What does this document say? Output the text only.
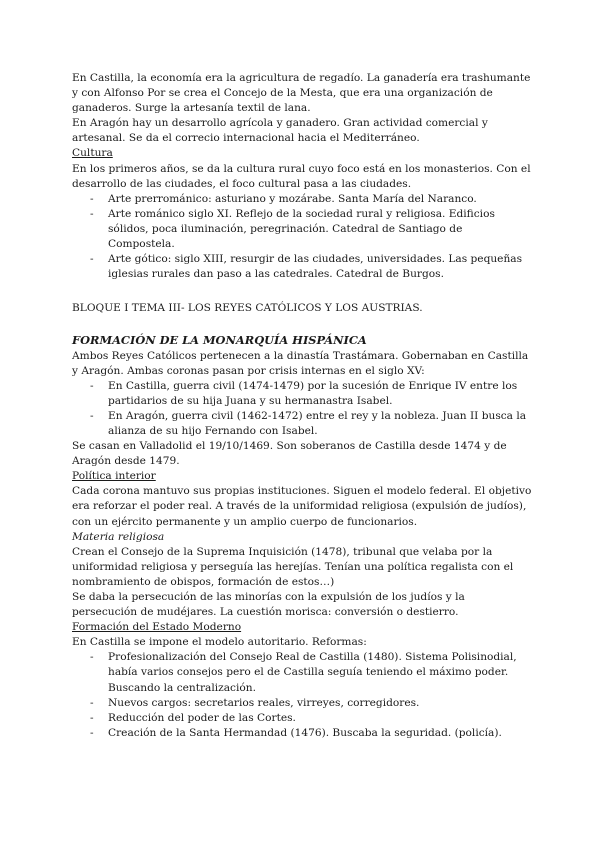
En Castilla, la economía era la agricultura de regadío. La ganadería era trashumante y con Alfonso Por se crea el Concejo de la Mesta, que era una organización de ganaderos. Surge la artesanía textil de lana.

En Aragón hay un desarrollo agrícola y ganadero. Gran actividad comercial y artesanal. Se da el correcio internacional hacia el Mediterráneo.

Cultura

En los primeros años, se da la cultura rural cuyo foco está en los monasterios. Con el desarrollo de las ciudades, el foco cultural pasa a las ciudades.

- Arte prerrománico: asturiano y mozárabe. Santa María del Naranco.
- Arte románico siglo XI. Reflejo de la sociedad rural y religiosa. Edificios sólidos, poca iluminación, peregrinación. Catedral de Santiago de Compostela.
- Arte gótico: siglo XIII, resurgir de las ciudades, universidades. Las pequeñas iglesias rurales dan paso a las catedrales. Catedral de Burgos.

BLOQUE I TEMA III- LOS REYES CATÓLICOS Y LOS AUSTRIAS.

FORMACIÓN DE LA MONARQUÍA HISPÁNICA

Ambos Reyes Católicos pertenecen a la dinastía Trastámara. Gobernaban en Castilla y Aragón. Ambas coronas pasan por crisis internas en el siglo XV:

- En Castilla, guerra civil (1474-1479) por la sucesión de Enrique IV entre los partidarios de su hija Juana y su hermanastra Isabel.
- En Aragón, guerra civil (1462-1472) entre el rey y la nobleza. Juan II busca la alianza de su hijo Fernando con Isabel.

Se casan en Valladolid el 19/10/1469. Son soberanos de Castilla desde 1474 y de Aragón desde 1479.

Política interior

Cada corona mantuvo sus propias instituciones. Siguen el modelo federal. El objetivo era reforzar el poder real. A través de la uniformidad religiosa (expulsión de judíos), con un ejército permanente y un amplio cuerpo de funcionarios.

Materia religiosa

Crean el Consejo de la Suprema Inquisición (1478), tribunal que velaba por la uniformidad religiosa y perseguía las herejías. Tenían una política regalista con el nombramiento de obispos, formación de estos…)

Se daba la persecución de las minorías con la expulsión de los judíos y la persecución de mudéjares. La cuestión morisca: conversión o destierro.

Formación del Estado Moderno

En Castilla se impone el modelo autoritario. Reformas:

- Profesionalización del Consejo Real de Castilla (1480). Sistema Polisinodial, había varios consejos pero el de Castilla seguía teniendo el máximo poder. Buscando la centralización.
- Nuevos cargos: secretarios reales, virreyes, corregidores.
- Reducción del poder de las Cortes.
- Creación de la Santa Hermandad (1476). Buscaba la seguridad. (policía).
